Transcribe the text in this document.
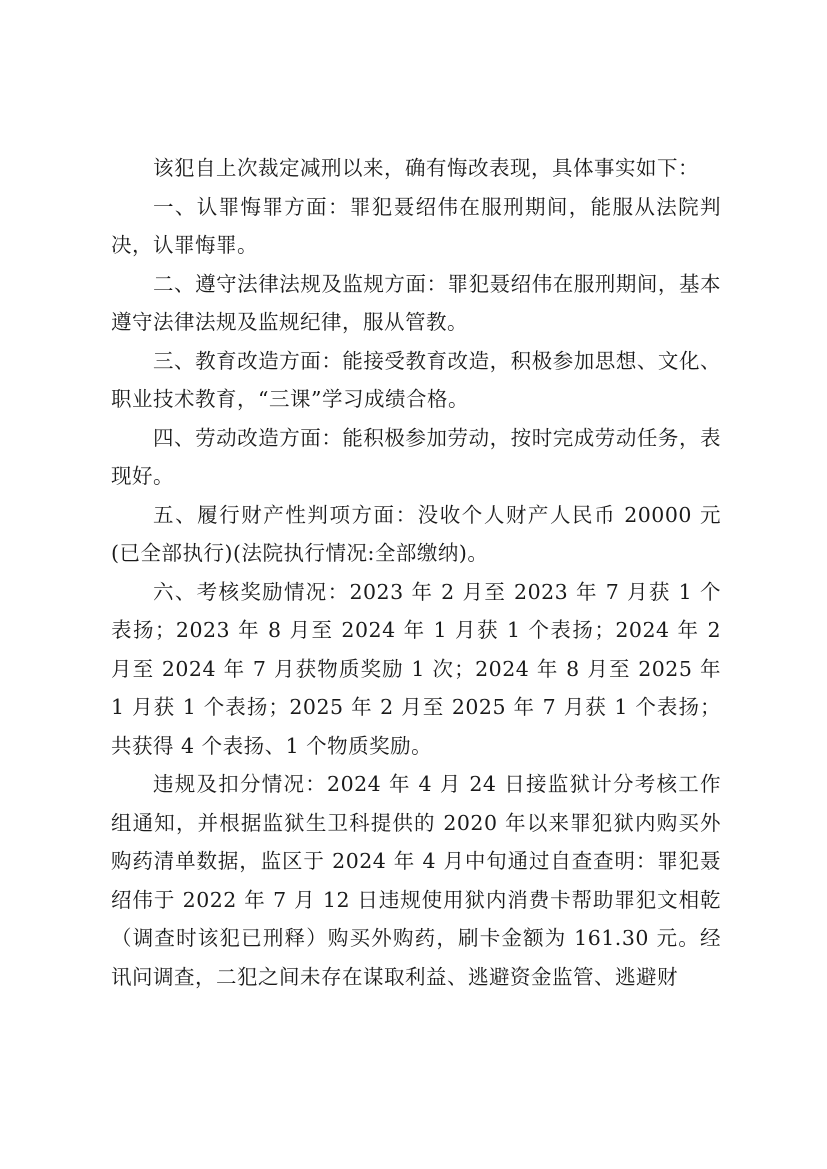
该犯自上次裁定减刑以来，确有悔改表现，具体事实如下：

一、认罪悔罪方面：罪犯聂绍伟在服刑期间，能服从法院判决，认罪悔罪。

二、遵守法律法规及监规方面：罪犯聂绍伟在服刑期间，基本遵守法律法规及监规纪律，服从管教。

三、教育改造方面：能接受教育改造，积极参加思想、文化、职业技术教育，“三课”学习成绩合格。

四、劳动改造方面：能积极参加劳动，按时完成劳动任务，表现好。

五、履行财产性判项方面：没收个人财产人民币 20000 元(已全部执行)(法院执行情况:全部缴纳)。

六、考核奖励情况：2023 年 2 月至 2023 年 7 月获 1 个表扬；2023 年 8 月至 2024 年 1 月获 1 个表扬；2024 年 2 月至 2024 年 7 月获物质奖励 1 次；2024 年 8 月至 2025 年 1 月获 1 个表扬；2025 年 2 月至 2025 年 7 月获 1 个表扬；共获得 4 个表扬、1 个物质奖励。

违规及扣分情况：2024 年 4 月 24 日接监狱计分考核工作组通知，并根据监狱生卫科提供的 2020 年以来罪犯狱内购买外购药清单数据，监区于 2024 年 4 月中旬通过自查查明：罪犯聂绍伟于 2022 年 7 月 12 日违规使用狱内消费卡帮助罪犯文相乾（调查时该犯已刑释）购买外购药，刷卡金额为 161.30 元。经讯问调查，二犯之间未存在谋取利益、逃避资金监管、逃避财
